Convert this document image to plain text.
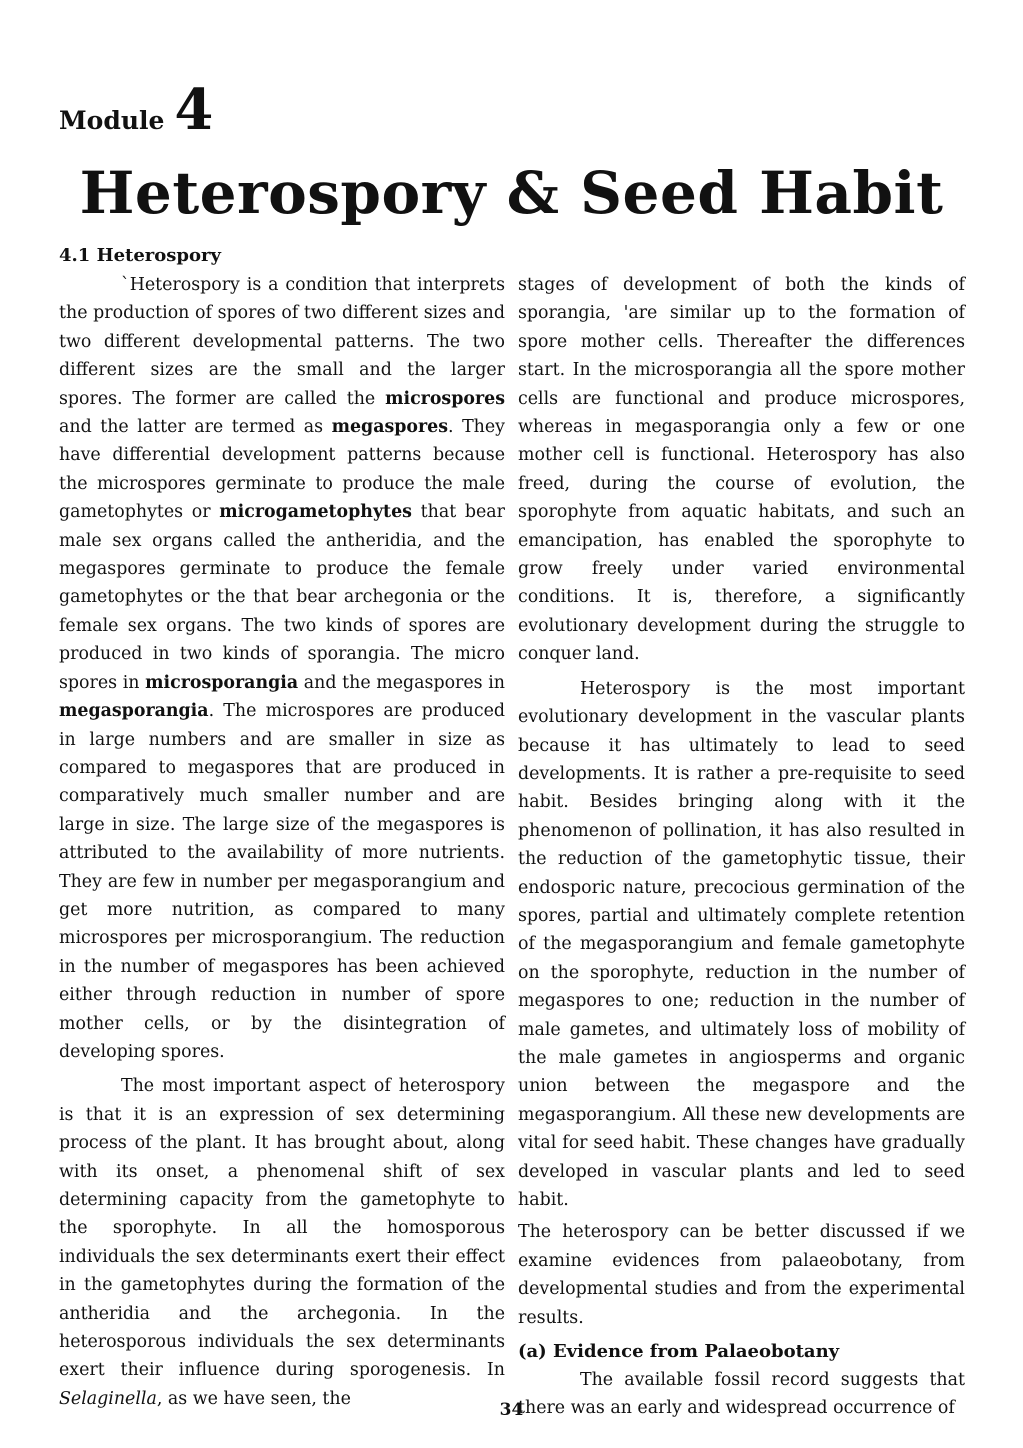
Module 4
Heterospory & Seed Habit
4.1 Heterospory

`Heterospory is a condition that interprets the production of spores of two different sizes and two different developmental patterns. The two different sizes are the small and the larger spores. The former are called the microspores and the latter are termed as megaspores. They have differential development patterns because the microspores germinate to produce the male gametophytes or microgametophytes that bear male sex organs called the antheridia, and the megaspores germinate to produce the female gametophytes or the that bear archegonia or the female sex organs. The two kinds of spores are produced in two kinds of sporangia. The micro spores in microsporangia and the megaspores in megasporangia. The microspores are produced in large numbers and are smaller in size as compared to megaspores that are produced in comparatively much smaller number and are large in size. The large size of the megaspores is attributed to the availability of more nutrients. They are few in number per megasporangium and get more nutrition, as compared to many microspores per microsporangium. The reduction in the number of megaspores has been achieved either through reduction in number of spore mother cells, or by the disintegration of developing spores.

The most important aspect of heterospory is that it is an expression of sex determining process of the plant. It has brought about, along with its onset, a phenomenal shift of sex determining capacity from the gametophyte to the sporophyte. In all the homosporous individuals the sex determinants exert their effect in the gametophytes during the formation of the antheridia and the archegonia. In the heterosporous individuals the sex determinants exert their influence during sporogenesis. In Selaginella, as we have seen, the

stages of development of both the kinds of sporangia, 'are similar up to the formation of spore mother cells. Thereafter the differences start. In the microsporangia all the spore mother cells are functional and produce microspores, whereas in megasporangia only a few or one mother cell is functional. Heterospory has also freed, during the course of evolution, the sporophyte from aquatic habitats, and such an emancipation, has enabled the sporophyte to grow freely under varied environmental conditions. It is, therefore, a significantly evolutionary development during the struggle to conquer land.

Heterospory is the most important evolutionary development in the vascular plants because it has ultimately to lead to seed developments. It is rather a pre-requisite to seed habit. Besides bringing along with it the phenomenon of pollination, it has also resulted in the reduction of the gametophytic tissue, their endosporic nature, precocious germination of the spores, partial and ultimately complete retention of the megasporangium and female gametophyte on the sporophyte, reduction in the number of megaspores to one; reduction in the number of male gametes, and ultimately loss of mobility of the male gametes in angiosperms and organic union between the megaspore and the megasporangium. All these new developments are vital for seed habit. These changes have gradually developed in vascular plants and led to seed habit.

The heterospory can be better discussed if we examine evidences from palaeobotany, from developmental studies and from the experimental results.

(a) Evidence from Palaeobotany

The available fossil record suggests that there was an early and widespread occurrence of

34
